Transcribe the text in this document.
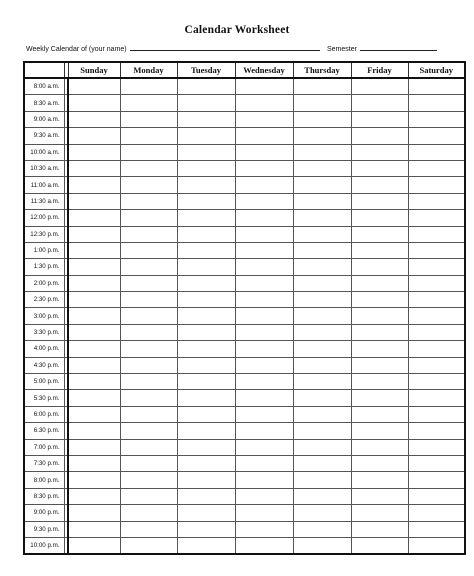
Calendar Worksheet
Weekly Calendar of (your name)	Semester
		Sunday	Monday	Tuesday	Wednesday	Thursday	Friday	Saturday
8:00 a.m.								
8:30 a.m.								
9:00 a.m.								
9:30 a.m.								
10:00 a.m.								
10:30 a.m.								
11:00 a.m.								
11:30 a.m.								
12:00 p.m.								
12:30 p.m.								
1:00 p.m.								
1:30 p.m.								
2:00 p.m.								
2:30 p.m.								
3:00 p.m.								
3:30 p.m.								
4:00 p.m.								
4:30 p.m.								
5:00 p.m.								
5:30 p.m.								
6:00 p.m.								
6:30 p.m.								
7:00 p.m.								
7:30 p.m.								
8:00 p.m.								
8:30 p.m.								
9:00 p.m.								
9:30 p.m.								
10:00 p.m.								
